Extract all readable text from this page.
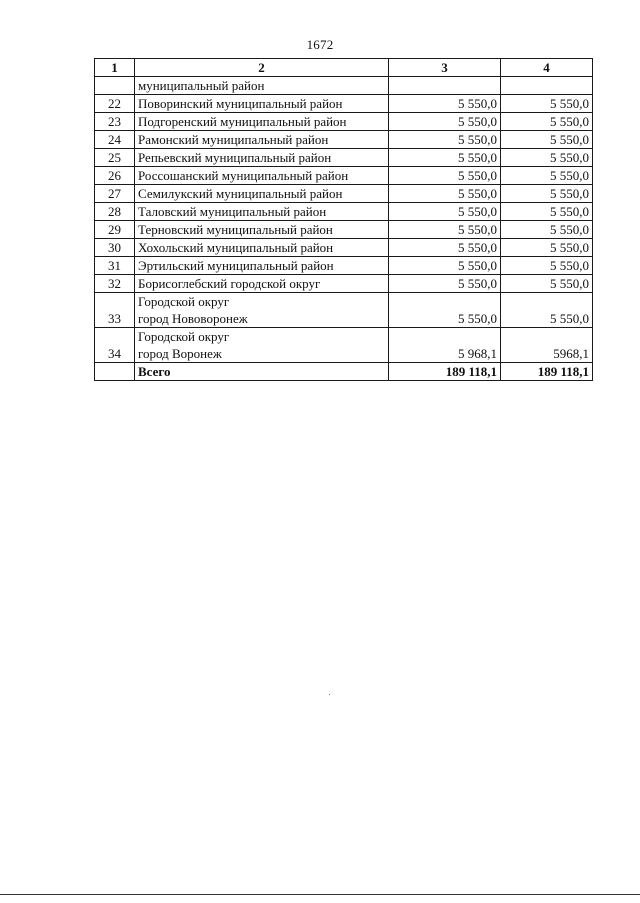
1672
1	2	3	4
	муниципальный район		
22	Поворинский муниципальный район	5 550,0	5 550,0
23	Подгоренский муниципальный район	5 550,0	5 550,0
24	Рамонский муниципальный район	5 550,0	5 550,0
25	Репьевский муниципальный район	5 550,0	5 550,0
26	Россошанский муниципальный район	5 550,0	5 550,0
27	Семилукский муниципальный район	5 550,0	5 550,0
28	Таловский муниципальный район	5 550,0	5 550,0
29	Терновский муниципальный район	5 550,0	5 550,0
30	Хохольский муниципальный район	5 550,0	5 550,0
31	Эртильский муниципальный район	5 550,0	5 550,0
32	Борисоглебский городской округ	5 550,0	5 550,0
33	Городской округ
город Нововоронеж	5 550,0	5 550,0
34	Городской округ
город Воронеж	5 968,1	5968,1
	Всего	189 118,1	189 118,1
